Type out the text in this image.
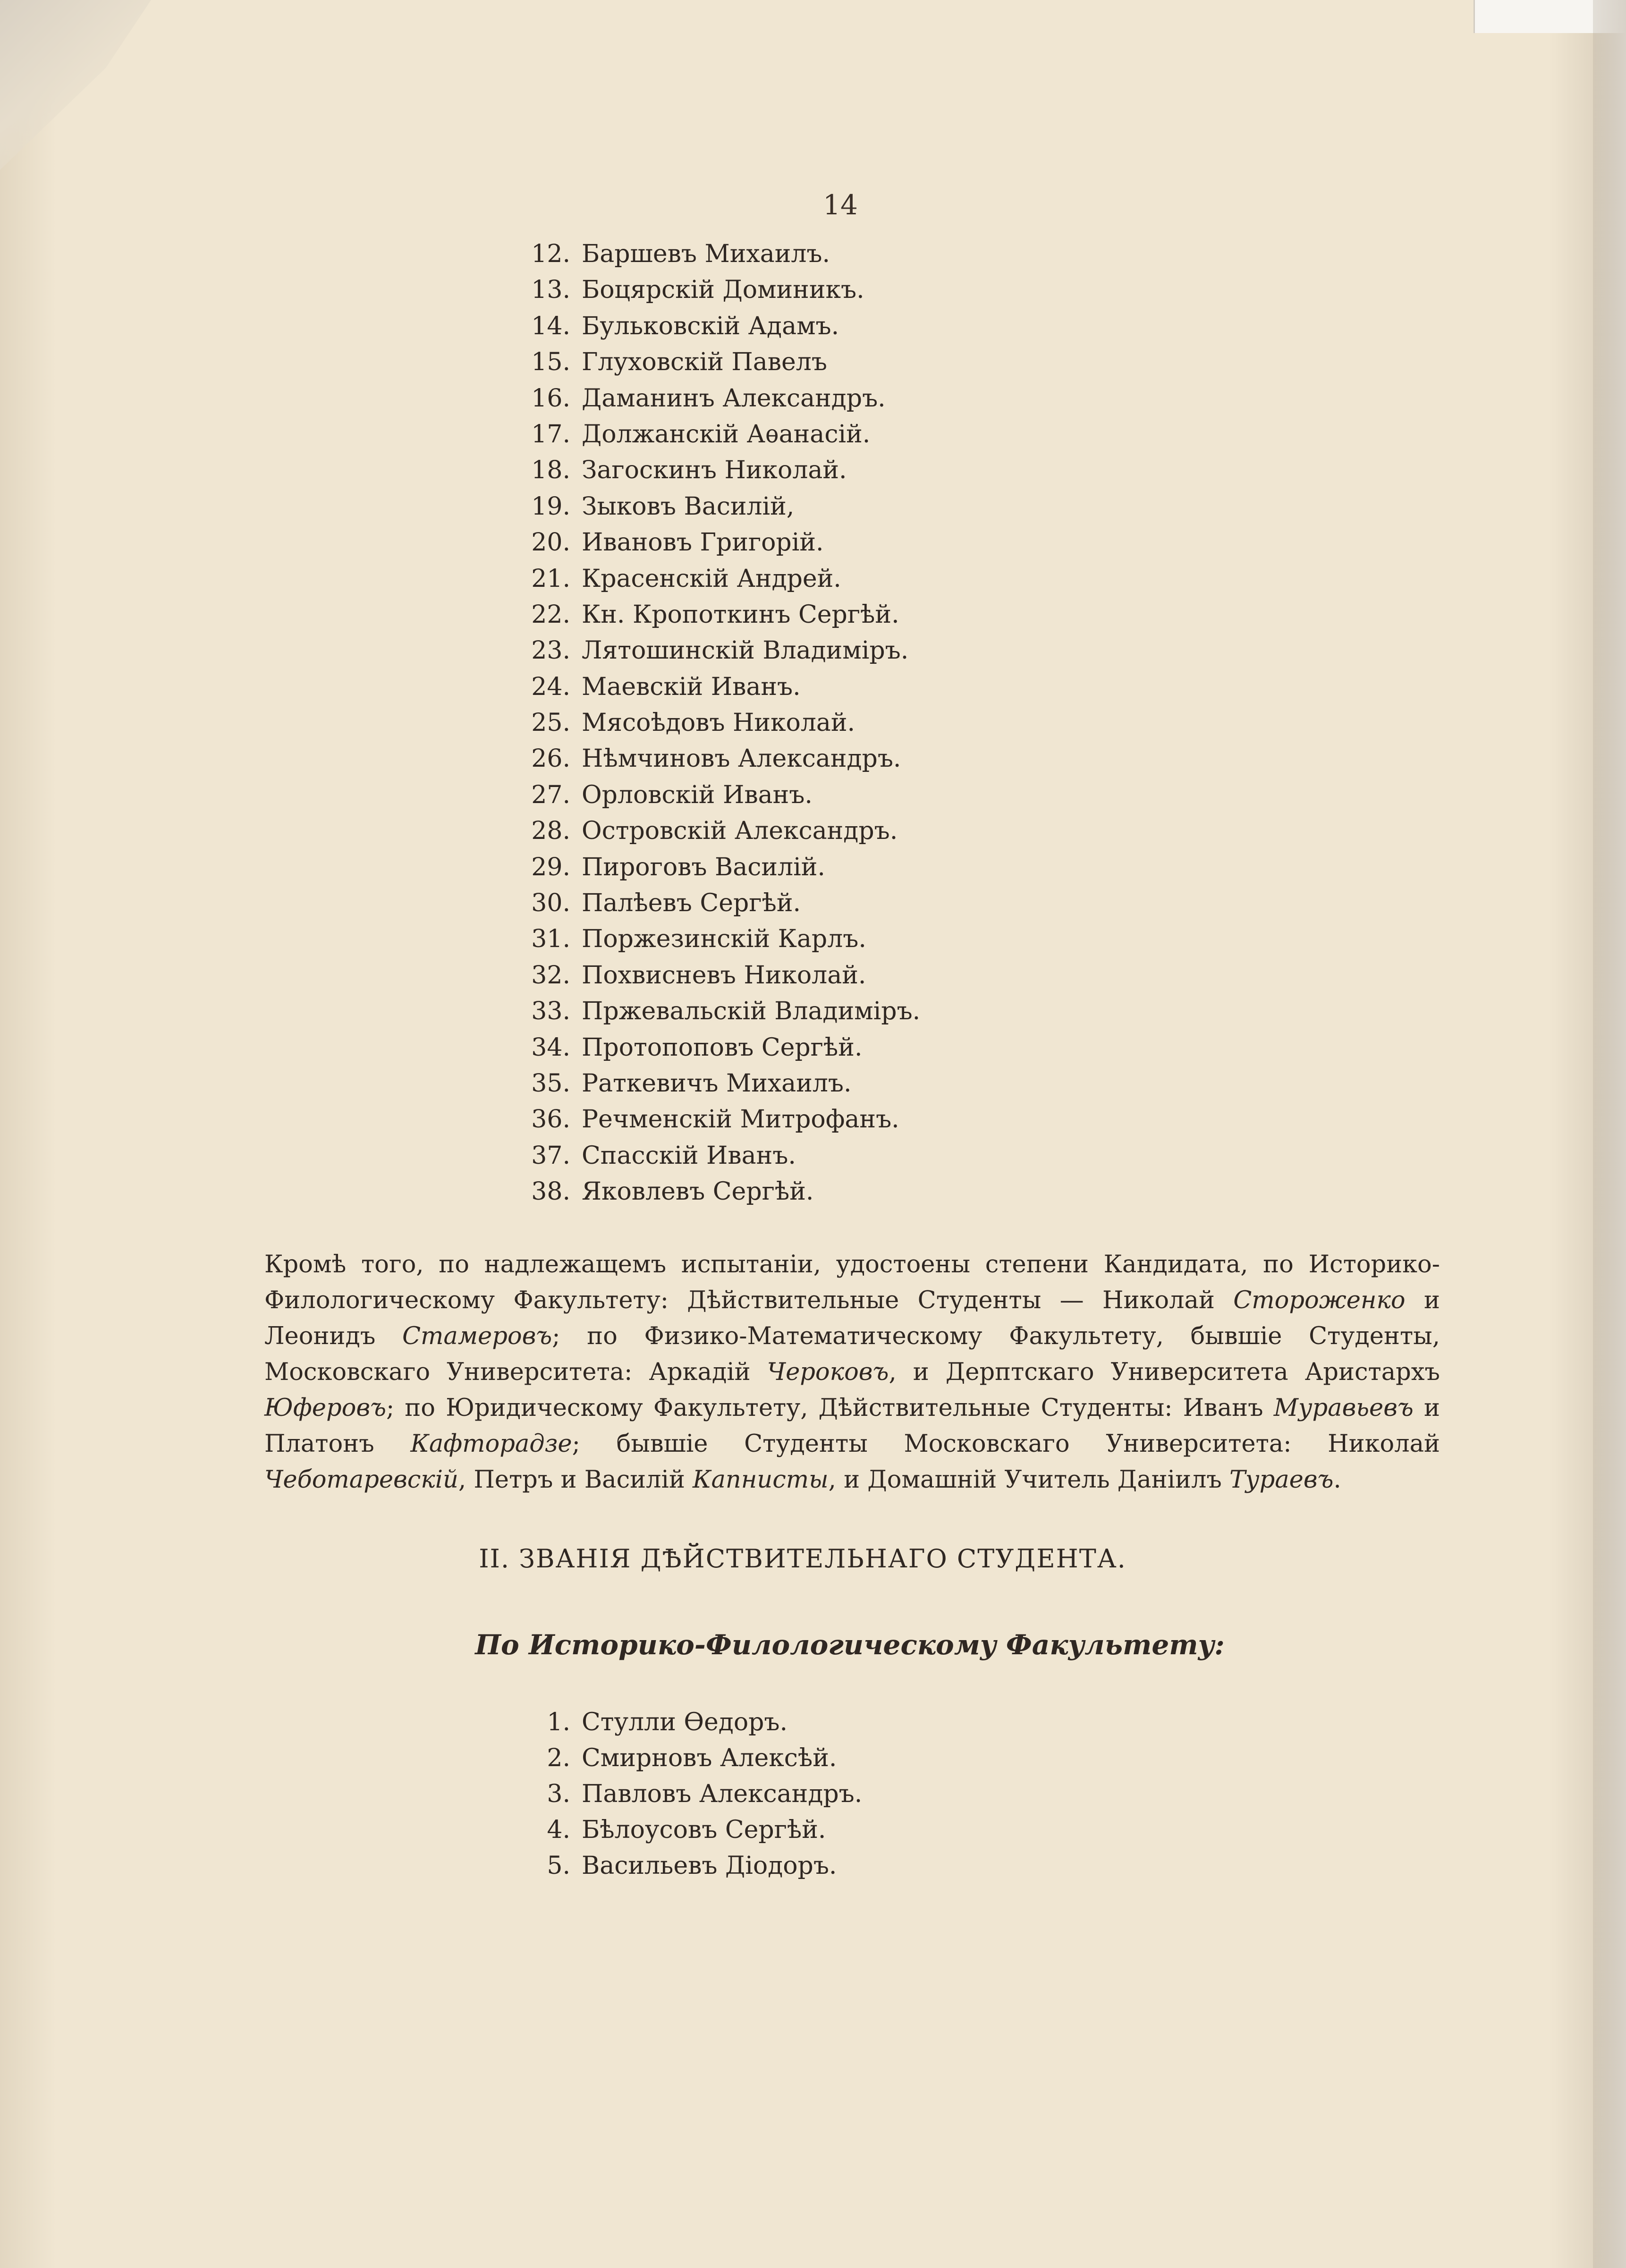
14
12. Баршевъ Михаилъ.
13. Боцярскій Доминикъ.
14. Бульковскій Адамъ.
15. Глуховскій Павелъ
16. Даманинъ Александръ.
17. Должанскій Аѳанасій.
18. Загоскинъ Николай.
19. Зыковъ Василій,
20. Ивановъ Григорій.
21. Красенскій Андрей.
22. Кн. Кропоткинъ Сергѣй.
23. Лятошинскій Владиміръ.
24. Маевскій Иванъ.
25. Мясоѣдовъ Николай.
26. Нѣмчиновъ Александръ.
27. Орловскій Иванъ.
28. Островскій Александръ.
29. Пироговъ Василій.
30. Палѣевъ Сергѣй.
31. Поржезинскій Карлъ.
32. Похвисневъ Николай.
33. Пржевальскій Владиміръ.
34. Протопоповъ Сергѣй.
35. Раткевичъ Михаилъ.
36. Речменскій Митрофанъ.
37. Спасскій Иванъ.
38. Яковлевъ Сергѣй.

Кромѣ того, по надлежащемъ испытаніи, удостоены степени Кандидата, по Историко-Филологическому Факультету: Дѣйствительные Студенты — Николай Стороженко и Леонидъ Стамеровъ; по Физико-Математическому Факультету, бывшіе Студенты, Московскаго Университета: Аркадій Чероковъ, и Дерптскаго Университета Аристархъ Юферовъ; по Юридическому Факультету, Дѣйствительные Студенты: Иванъ Муравьевъ и Платонъ Кафторадзе; бывшіе Студенты Московскаго Университета: Николай Чеботаревскій, Петръ и Василій Капнисты, и Домашній Учитель Даніилъ Тураевъ.

II. ЗВАНІЯ ДѢЙСТВИТЕЛЬНАГО СТУДЕНТА.
По Историко-Филологическому Факультету:
1. Стулли Ѳедоръ.
2. Смирновъ Алексѣй.
3. Павловъ Александръ.
4. Бѣлоусовъ Сергѣй.
5. Васильевъ Діодоръ.
